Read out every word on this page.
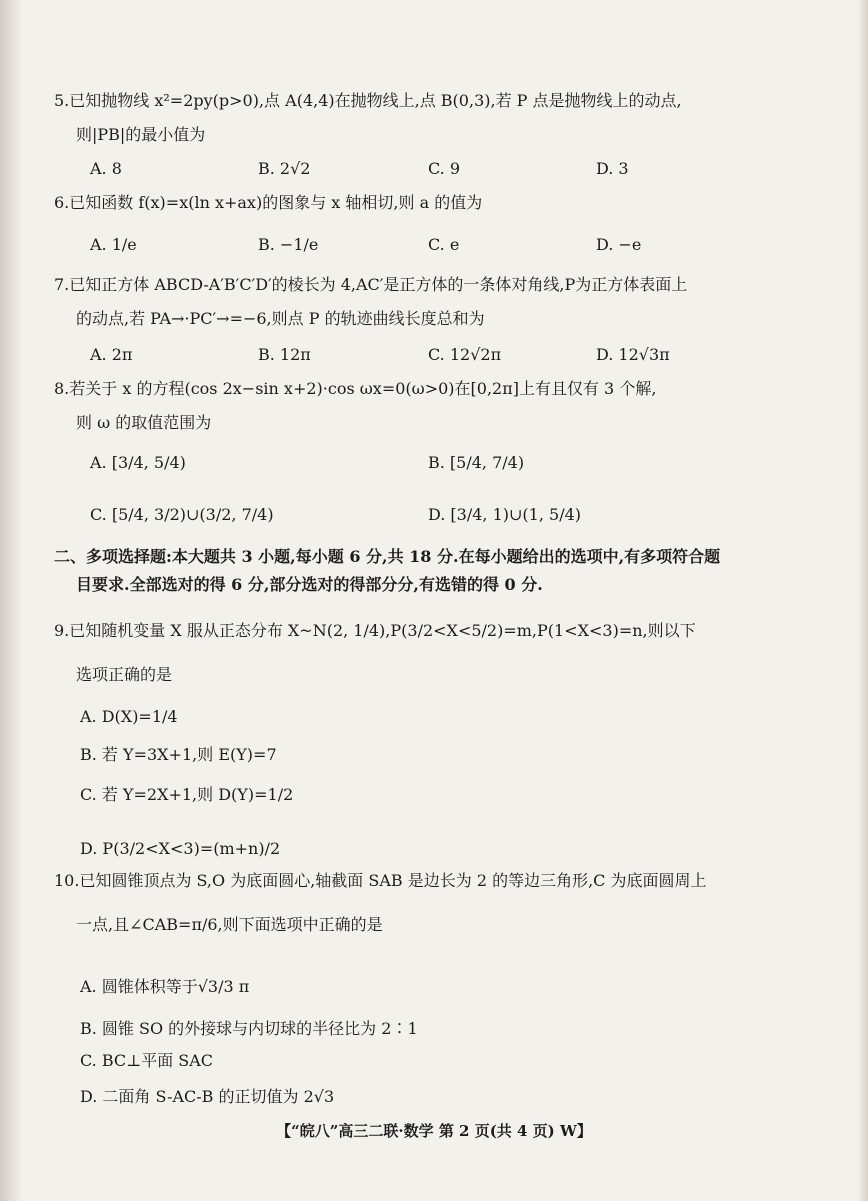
5.已知抛物线 x²=2py(p>0),点 A(4,4)在抛物线上,点 B(0,3),若 P 点是抛物线上的动点,
则|PB|的最小值为
A. 8	B. 2√2	C. 9	D. 3
6.已知函数 f(x)=x(ln x+ax)的图象与 x 轴相切,则 a 的值为
A. 1/e	B. −1/e	C. e	D. −e
7.已知正方体 ABCD-A′B′C′D′的棱长为 4,AC′是正方体的一条体对角线,P为正方体表面上
的动点,若 PA→·PC′→=−6,则点 P 的轨迹曲线长度总和为
A. 2π	B. 12π	C. 12√2π	D. 12√3π
8.若关于 x 的方程(cos 2x−sin x+2)·cos ωx=0(ω>0)在[0,2π]上有且仅有 3 个解,
则 ω 的取值范围为
A. [3/4, 5/4)	B. [5/4, 7/4)
C. [5/4, 3/2)∪(3/2, 7/4)	D. [3/4, 1)∪(1, 5/4)
二、多项选择题:本大题共 3 小题,每小题 6 分,共 18 分.在每小题给出的选项中,有多项符合题
目要求.全部选对的得 6 分,部分选对的得部分分,有选错的得 0 分.
9.已知随机变量 X 服从正态分布 X~N(2, 1/4),P(3/2<X<5/2)=m,P(1<X<3)=n,则以下
选项正确的是
A. D(X)=1/4
B. 若 Y=3X+1,则 E(Y)=7
C. 若 Y=2X+1,则 D(Y)=1/2
D. P(3/2<X<3)=(m+n)/2
10.已知圆锥顶点为 S,O 为底面圆心,轴截面 SAB 是边长为 2 的等边三角形,C 为底面圆周上
一点,且∠CAB=π/6,则下面选项中正确的是
A. 圆锥体积等于√3/3 π
B. 圆锥 SO 的外接球与内切球的半径比为 2∶1
C. BC⊥平面 SAC
D. 二面角 S-AC-B 的正切值为 2√3
【“皖八”高三二联·数学 第 2 页(共 4 页) W】
